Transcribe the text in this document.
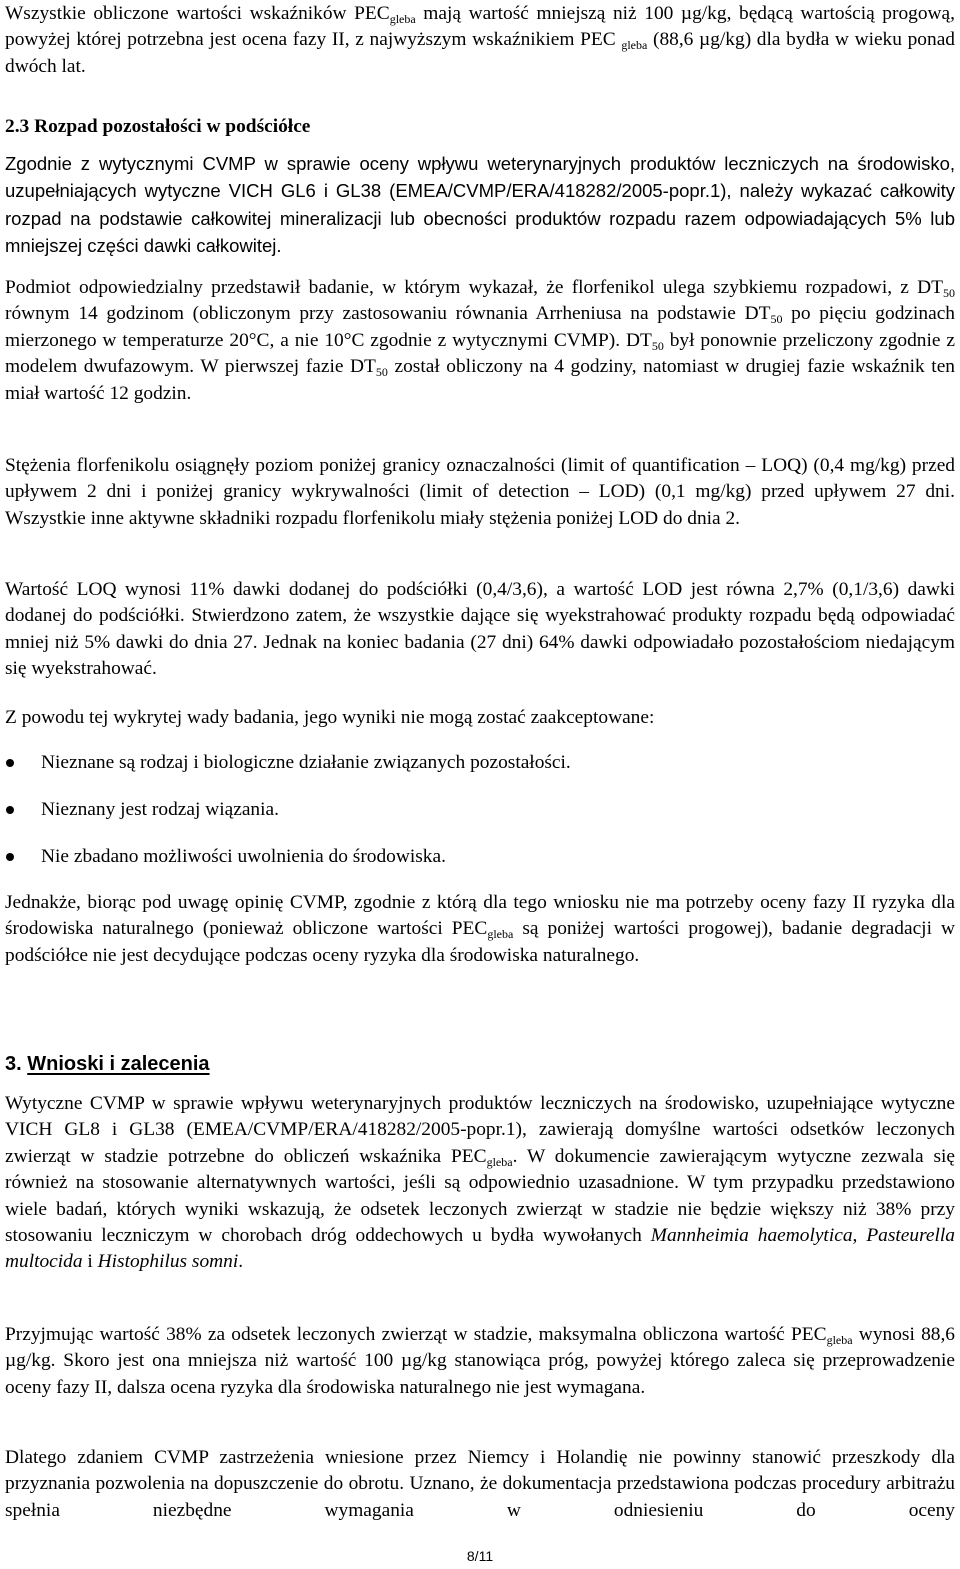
Wszystkie obliczone wartości wskaźników $PEC_{gleba}$ mają wartość mniejszą niż 100 µg/kg, będącą wartością progową, powyżej której potrzebna jest ocena fazy II, z najwyższym wskaźnikiem PEC $_{gleba}$ (88,6 µg/kg) dla bydła w wieku ponad dwóch lat.

2.3 Rozpad pozostałości w podściółce

Zgodnie z wytycznymi CVMP w sprawie oceny wpływu weterynaryjnych produktów leczniczych na środowisko, uzupełniających wytyczne VICH GL6 i GL38 (EMEA/CVMP/ERA/418282/2005-popr.1), należy wykazać całkowity rozpad na podstawie całkowitej mineralizacji lub obecności produktów rozpadu razem odpowiadających 5% lub mniejszej części dawki całkowitej.

Podmiot odpowiedzialny przedstawił badanie, w którym wykazał, że florfenikol ulega szybkiemu rozpadowi, z $DT_{50}$ równym 14 godzinom (obliczonym przy zastosowaniu równania Arrheniusa na podstawie $DT_{50}$ po pięciu godzinach mierzonego w temperaturze 20°C, a nie 10°C zgodnie z wytycznymi CVMP). $DT_{50}$ był ponownie przeliczony zgodnie z modelem dwufazowym. W pierwszej fazie $DT_{50}$ został obliczony na 4 godziny, natomiast w drugiej fazie wskaźnik ten miał wartość 12 godzin.

Stężenia florfenikolu osiągnęły poziom poniżej granicy oznaczalności (limit of quantification – LOQ) (0,4 mg/kg) przed upływem 2 dni i poniżej granicy wykrywalności (limit of detection – LOD) (0,1 mg/kg) przed upływem 27 dni. Wszystkie inne aktywne składniki rozpadu florfenikolu miały stężenia poniżej LOD do dnia 2.

Wartość LOQ wynosi 11% dawki dodanej do podściółki (0,4/3,6), a wartość LOD jest równa 2,7% (0,1/3,6) dawki dodanej do podściółki. Stwierdzono zatem, że wszystkie dające się wyekstrahować produkty rozpadu będą odpowiadać mniej niż 5% dawki do dnia 27. Jednak na koniec badania (27 dni) 64% dawki odpowiadało pozostałościom niedającym się wyekstrahować.

Z powodu tej wykrytej wady badania, jego wyniki nie mogą zostać zaakceptowane:

Nieznane są rodzaj i biologiczne działanie związanych pozostałości.
Nieznany jest rodzaj wiązania.
Nie zbadano możliwości uwolnienia do środowiska.

Jednakże, biorąc pod uwagę opinię CVMP, zgodnie z którą dla tego wniosku nie ma potrzeby oceny fazy II ryzyka dla środowiska naturalnego (ponieważ obliczone wartości $PEC_{gleba}$ są poniżej wartości progowej), badanie degradacji w podściółce nie jest decydujące podczas oceny ryzyka dla środowiska naturalnego.

3. Wnioski i zalecenia

Wytyczne CVMP w sprawie wpływu weterynaryjnych produktów leczniczych na środowisko, uzupełniające wytyczne VICH GL8 i GL38 (EMEA/CVMP/ERA/418282/2005-popr.1), zawierają domyślne wartości odsetków leczonych zwierząt w stadzie potrzebne do obliczeń wskaźnika $PEC_{gleba}$. W dokumencie zawierającym wytyczne zezwala się również na stosowanie alternatywnych wartości, jeśli są odpowiednio uzasadnione. W tym przypadku przedstawiono wiele badań, których wyniki wskazują, że odsetek leczonych zwierząt w stadzie nie będzie większy niż 38% przy stosowaniu leczniczym w chorobach dróg oddechowych u bydła wywołanych Mannheimia haemolytica, Pasteurella multocida i Histophilus somni.

Przyjmując wartość 38% za odsetek leczonych zwierząt w stadzie, maksymalna obliczona wartość $PEC_{gleba}$ wynosi 88,6 µg/kg. Skoro jest ona mniejsza niż wartość 100 µg/kg stanowiąca próg, powyżej którego zaleca się przeprowadzenie oceny fazy II, dalsza ocena ryzyka dla środowiska naturalnego nie jest wymagana.

Dlatego zdaniem CVMP zastrzeżenia wniesione przez Niemcy i Holandię nie powinny stanowić przeszkody dla przyznania pozwolenia na dopuszczenie do obrotu. Uznano, że dokumentacja przedstawiona podczas procedury arbitrażu spełnia niezbędne wymagania w odniesieniu do oceny

8/11
